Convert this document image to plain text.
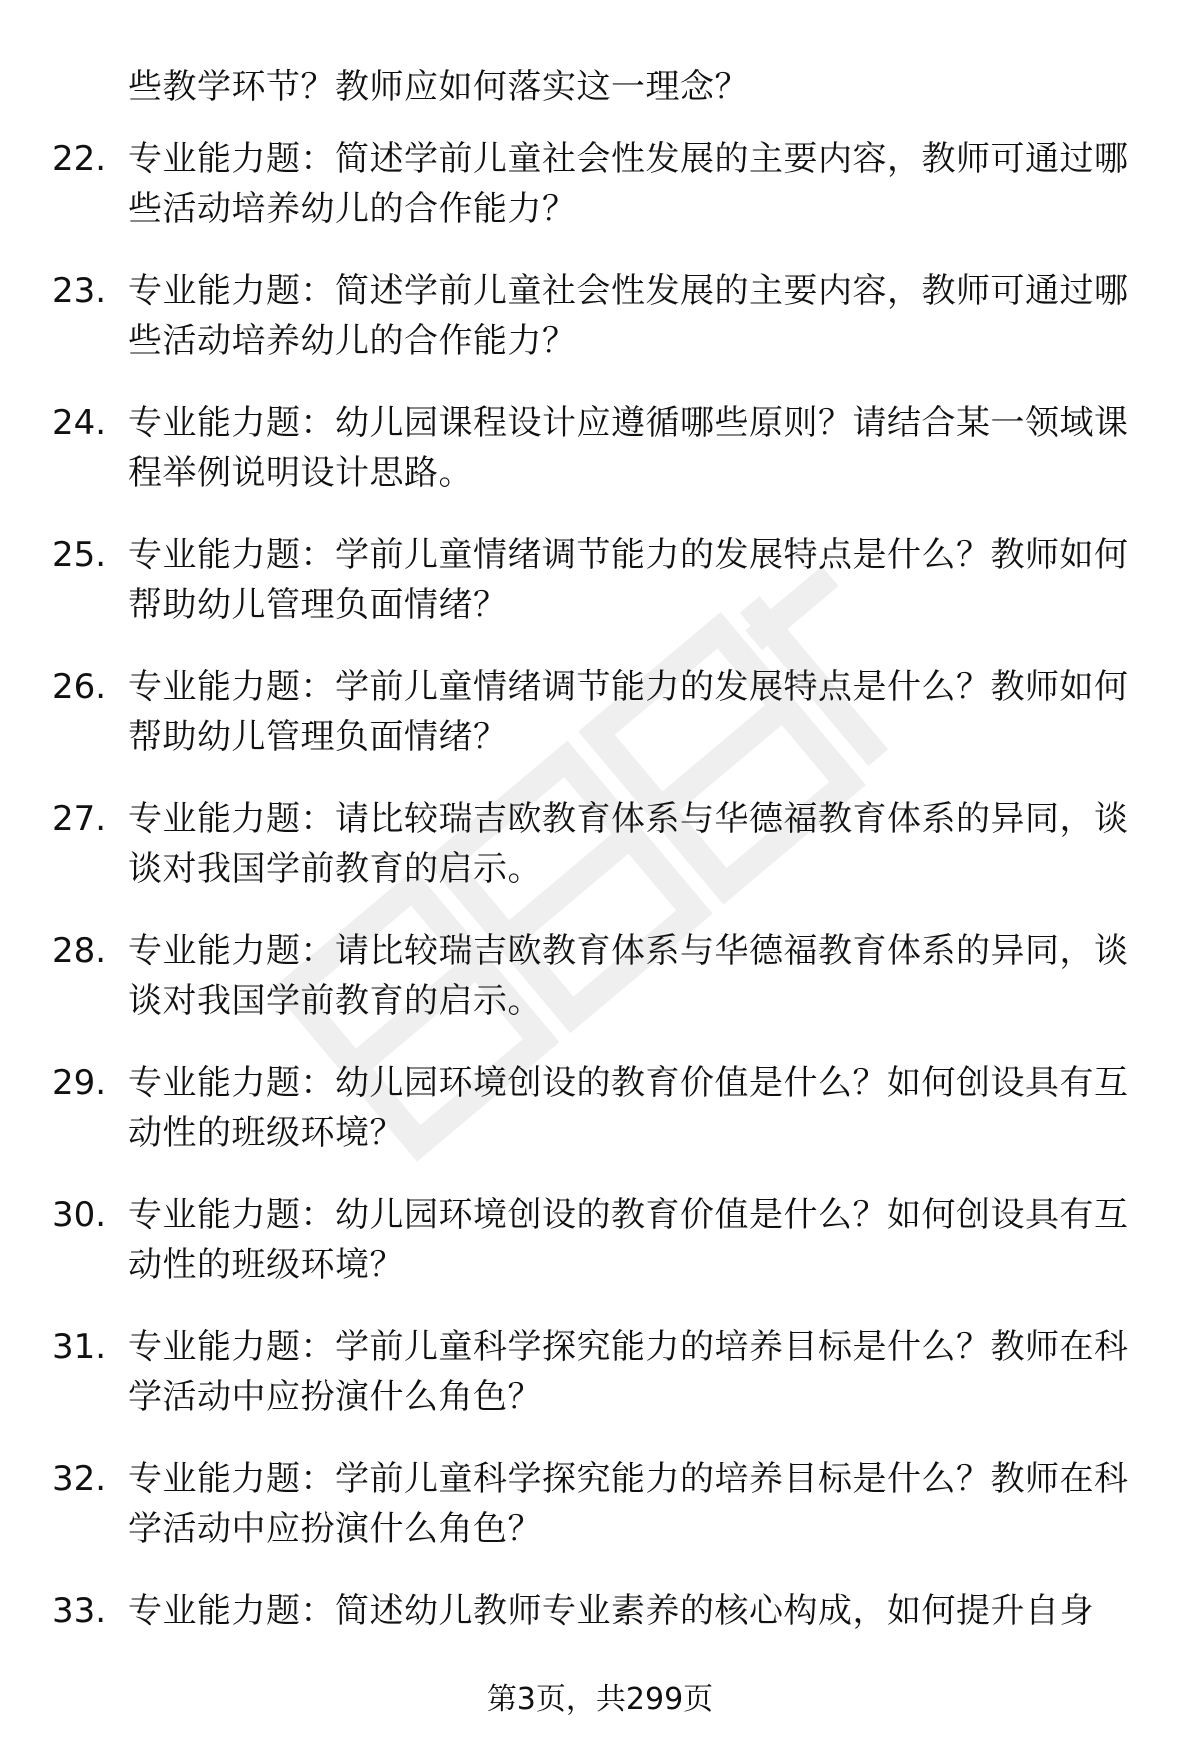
些教学环节？教师应如何落实这一理念？
22. 专业能力题：简述学前儿童社会性发展的主要内容，教师可通过哪些活动培养幼儿的合作能力？
23. 专业能力题：简述学前儿童社会性发展的主要内容，教师可通过哪些活动培养幼儿的合作能力？
24. 专业能力题：幼儿园课程设计应遵循哪些原则？请结合某一领域课程举例说明设计思路。
25. 专业能力题：学前儿童情绪调节能力的发展特点是什么？教师如何帮助幼儿管理负面情绪？
26. 专业能力题：学前儿童情绪调节能力的发展特点是什么？教师如何帮助幼儿管理负面情绪？
27. 专业能力题：请比较瑞吉欧教育体系与华德福教育体系的异同，谈谈对我国学前教育的启示。
28. 专业能力题：请比较瑞吉欧教育体系与华德福教育体系的异同，谈谈对我国学前教育的启示。
29. 专业能力题：幼儿园环境创设的教育价值是什么？如何创设具有互动性的班级环境？
30. 专业能力题：幼儿园环境创设的教育价值是什么？如何创设具有互动性的班级环境？
31. 专业能力题：学前儿童科学探究能力的培养目标是什么？教师在科学活动中应扮演什么角色？
32. 专业能力题：学前儿童科学探究能力的培养目标是什么？教师在科学活动中应扮演什么角色？
33. 专业能力题：简述幼儿教师专业素养的核心构成，如何提升自身
第3页，共299页
